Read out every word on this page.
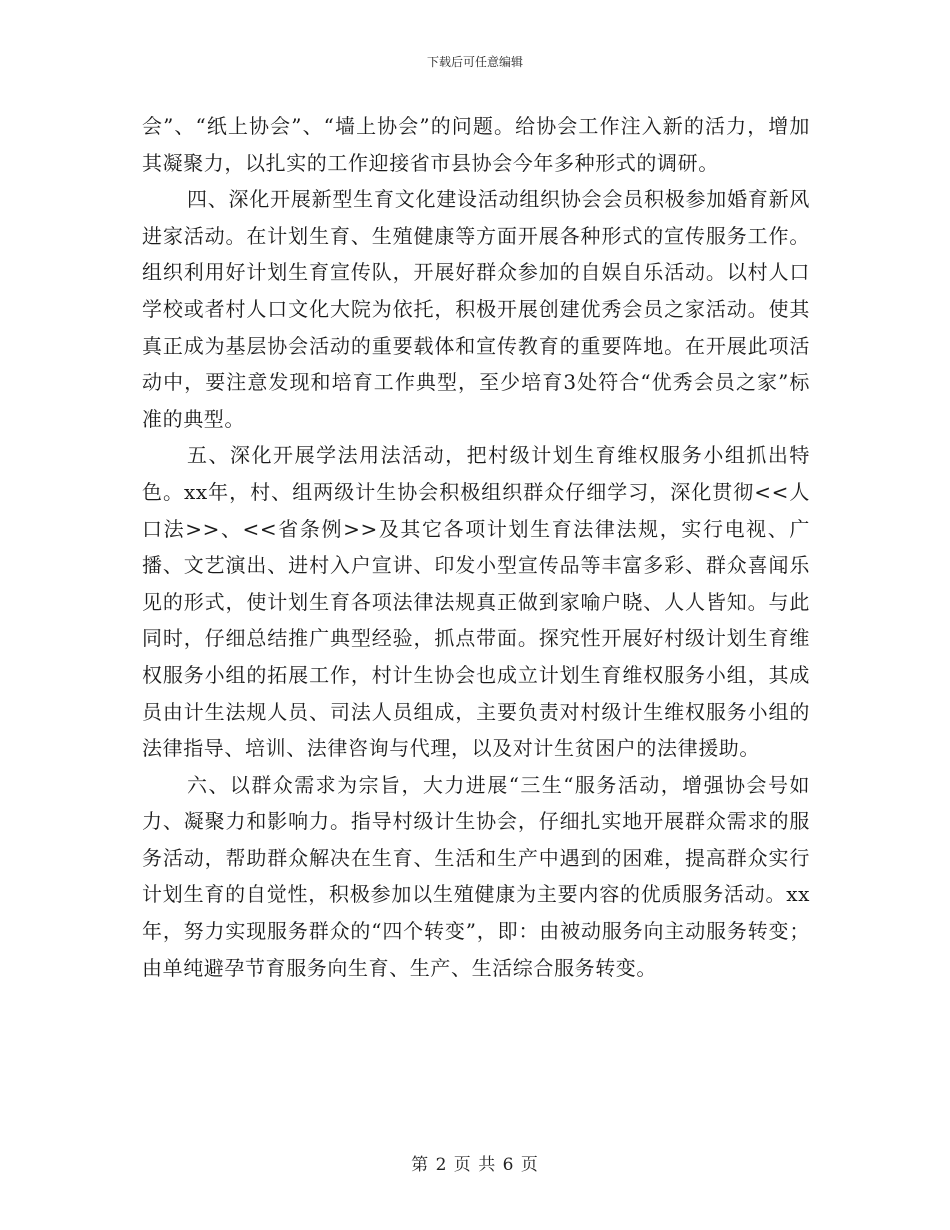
下载后可任意编辑

会”、“纸上协会”、“墙上协会”的问题。给协会工作注入新的活力，增加其凝聚力，以扎实的工作迎接省市县协会今年多种形式的调研。

四、深化开展新型生育文化建设活动组织协会会员积极参加婚育新风进家活动。在计划生育、生殖健康等方面开展各种形式的宣传服务工作。组织利用好计划生育宣传队，开展好群众参加的自娱自乐活动。以村人口学校或者村人口文化大院为依托，积极开展创建优秀会员之家活动。使其真正成为基层协会活动的重要载体和宣传教育的重要阵地。在开展此项活动中，要注意发现和培育工作典型，至少培育3处符合“优秀会员之家”标准的典型。

五、深化开展学法用法活动，把村级计划生育维权服务小组抓出特色。xx年，村、组两级计生协会积极组织群众仔细学习，深化贯彻<<人口法>>、<<省条例>>及其它各项计划生育法律法规，实行电视、广播、文艺演出、进村入户宣讲、印发小型宣传品等丰富多彩、群众喜闻乐见的形式，使计划生育各项法律法规真正做到家喻户晓、人人皆知。与此同时，仔细总结推广典型经验，抓点带面。探究性开展好村级计划生育维权服务小组的拓展工作，村计生协会也成立计划生育维权服务小组，其成员由计生法规人员、司法人员组成，主要负责对村级计生维权服务小组的法律指导、培训、法律咨询与代理，以及对计生贫困户的法律援助。

六、以群众需求为宗旨，大力进展“三生“服务活动，增强协会号如力、凝聚力和影响力。指导村级计生协会，仔细扎实地开展群众需求的服务活动，帮助群众解决在生育、生活和生产中遇到的困难，提高群众实行计划生育的自觉性，积极参加以生殖健康为主要内容的优质服务活动。xx年，努力实现服务群众的“四个转变”，即：由被动服务向主动服务转变；由单纯避孕节育服务向生育、生产、生活综合服务转变。

第 2 页 共 6 页
